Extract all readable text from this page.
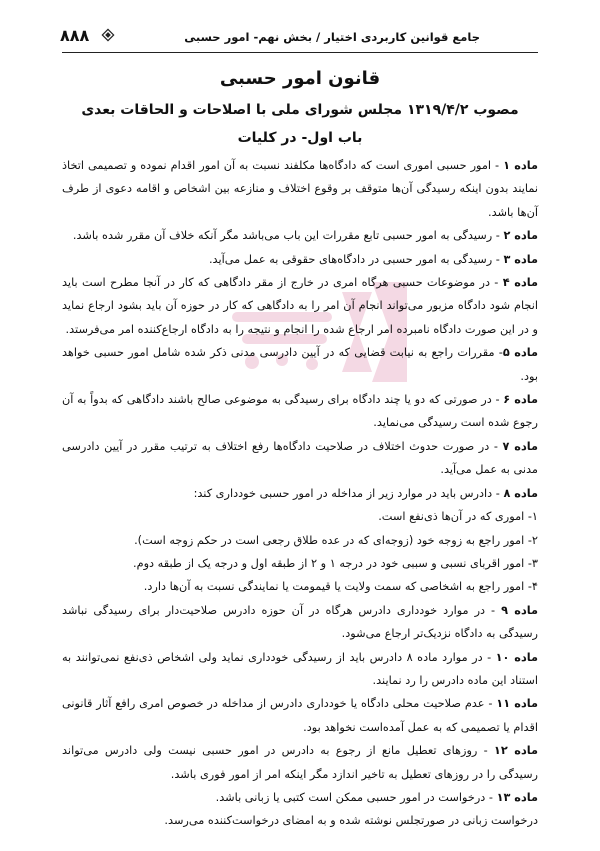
۸۸۸	جامع قوانین کاربردی اختیار / بخش نهم- امور حسبی
قانون امور حسبی
مصوب ۱۳۱۹/۴/۲ مجلس شورای ملی با اصلاحات و الحاقات بعدی
باب اول- در کلیات

ماده ۱ - امور حسبی اموری است که دادگاه‌ها مکلفند نسبت به آن امور اقدام نموده و تصمیمی اتخاذ نمایند بدون اینکه رسیدگی آن‌ها متوقف بر وقوع اختلاف و منازعه بین اشخاص و اقامه دعوی از طرف آن‌ها باشد.

ماده ۲ - رسیدگی به امور حسبی تابع مقررات این باب می‌باشد مگر آنکه خلاف آن مقرر شده باشد.

ماده ۳ - رسیدگی به امور حسبی در دادگاه‌های حقوقی به عمل می‌آید.

ماده ۴ - در موضوعات حسبی هرگاه امری در خارج از مقر دادگاهی که کار در آنجا مطرح است باید انجام شود دادگاه مزبور می‌تواند انجام آن امر را به دادگاهی که کار در حوزه آن باید بشود ارجاع نماید و در این صورت دادگاه نامبرده امر ارجاع شده را انجام و نتیجه را به دادگاه ارجاع‌کننده امر می‌فرستد.

ماده ۵- مقررات راجع به نیابت قضایی که در آیین دادرسی مدنی ذکر شده شامل امور حسبی خواهد بود.

ماده ۶ - در صورتی که دو یا چند دادگاه برای رسیدگی به موضوعی صالح باشند دادگاهی که بدواً به آن رجوع شده است رسیدگی می‌نماید.

ماده ۷ - در صورت حدوث اختلاف در صلاحیت دادگاه‌ها رفع اختلاف به ترتیب مقرر در آیین دادرسی مدنی به عمل می‌آید.

ماده ۸ - دادرس باید در موارد زیر از مداخله در امور حسبی خودداری کند:

۱- اموری که در آن‌ها ذی‌نفع است.

۲- امور راجع به زوجه خود (زوجه‌ای که در عده طلاق رجعی است در حکم زوجه است).

۳- امور اقربای نسبی و سببی خود در درجه ۱ و ۲ از طبقه اول و درجه یک از طبقه دوم.

۴- امور راجع به اشخاصی که سمت ولایت یا قیمومت یا نمایندگی نسبت به آن‌ها دارد.

ماده ۹ - در موارد خودداری دادرس هرگاه در آن حوزه دادرس صلاحیت‌دار برای رسیدگی نباشد رسیدگی به دادگاه نزدیک‌تر ارجاع می‌شود.

ماده ۱۰ - در موارد ماده ۸ دادرس باید از رسیدگی خودداری نماید ولی اشخاص ذی‌نفع نمی‌توانند به استناد این ماده دادرس را رد نمایند.

ماده ۱۱ - عدم صلاحیت محلی دادگاه یا خودداری دادرس از مداخله در خصوص امری رافع آثار قانونی اقدام یا تصمیمی که به عمل آمده‌است نخواهد بود.

ماده ۱۲ - روزهای تعطیل مانع از رجوع به دادرس در امور حسبی نیست ولی دادرس می‌تواند رسیدگی را در روزهای تعطیل به تاخیر اندازد مگر اینکه امر از امور فوری باشد.

ماده ۱۳ - درخواست در امور حسبی ممکن است کتبی یا زبانی باشد.

درخواست زبانی در صورتجلس نوشته شده و به امضای درخواست‌کننده می‌رسد.
